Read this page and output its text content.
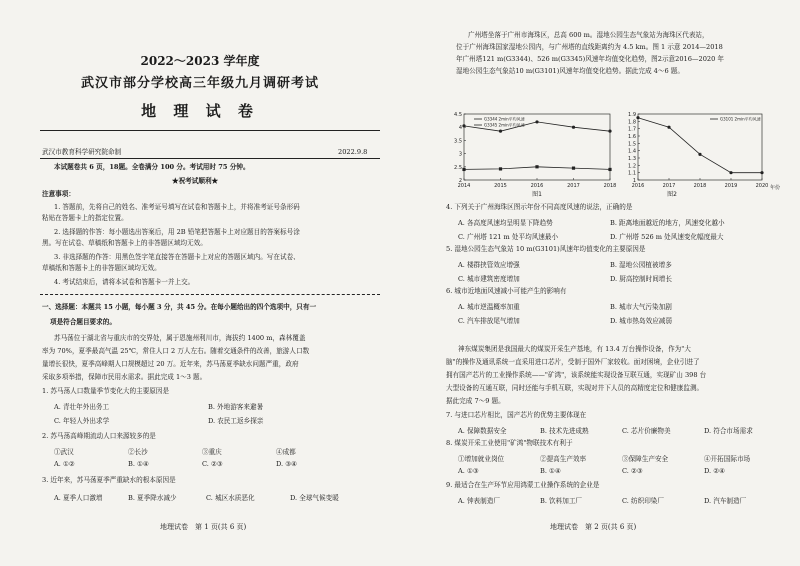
2022～2023 学年度

武汉市部分学校高三年级九月调研考试

地 理 试 卷

武汉市教育科学研究院命制	2022.9.8

本试题卷共 6 页，18题。全卷满分 100 分。考试用时 75 分钟。

★祝考试顺利★

注意事项：

1. 答题前，先将自己的姓名、准考证号填写在试卷和答题卡上，并将准考证号条形码

粘贴在答题卡上的指定位置。

2. 选择题的作答：每小题选出答案后，用 2B 铅笔把答题卡上对应题目的答案标号涂

黑。写在试卷、草稿纸和答题卡上的非答题区域均无效。

3. 非选择题的作答：用黑色签字笔直接答在答题卡上对应的答题区域内。写在试卷、

草稿纸和答题卡上的非答题区域均无效。

4. 考试结束后，请将本试卷和答题卡一并上交。

一、选择题：本题共 15 小题，每小题 3 分，共 45 分。在每小题给出的四个选项中，只有一

项是符合题目要求的。

苏马荡位于湖北省与重庆市的交界处，属于恩施州利川市，海拔约 1400 m，森林覆盖

率为 70%，夏季最高气温 25℃，常住人口 2 万人左右。随着交通条件的改善，旅游人口数

量增长很快，夏季高峰期人口规模超过 20 万。近年来，苏马荡夏季缺水问题严重，政府

采取多项举措，保障市民用水需求。据此完成 1～3 题。

1. 苏马荡人口数量季节变化大的主要原因是

A. 青壮年外出务工	B. 外地游客来避暑

C. 年轻人外出求学	D. 农民工返乡探亲

2. 苏马荡高峰期流动人口来源较多的是

①武汉	②长沙	③重庆	④成都

A. ①②	B. ①④	C. ②③	D. ③④

3. 近年来，苏马荡夏季严重缺水的根本原因是

A. 夏季人口激增	B. 夏季降水减少	C. 城区水质恶化	D. 全球气候变暖

地理试卷　第 1 页(共 6 页)

广州塔坐落于广州市海珠区，总高 600 m。湿地公园生态气象站为海珠区代表站，

位于广州海珠国家湿地公园内，与广州塔的直线距离约为 4.5 km。图 1 示意 2014—2018

年广州塔121 m(G3344)、526 m(G3345)风速年均值变化趋势，图2示意2016—2020 年

湿地公园生态气象站10 m(G3101)风速年均值变化趋势。据此完成 4～6 题。

2
2.5
3
3.5
4
4.5
2014	2015	2016	2017	2018
G3344 2min平均风速
G3345 2min平均风速
图1
1
1.1
1.2
1.3
1.4
1.5
1.6
1.7
1.8
1.9
2016	2017	2018	2019	2020
G3101 2min平均风速
年份
图2

4. 下列关于广州海珠区图示年份不同高度风速的说法，正确的是

A. 各高度风速均呈明显下降趋势	B. 距离地面越近的地方，风速变化越小

C. 广州塔 121 m 处平均风速最小	D. 广州塔 526 m 处风速变化幅度最大

5. 湿地公园生态气象站 10 m(G3101)风速年均值变化的主要原因是

A. 楼群挟管效应增强	B. 湿地公园植被增多

C. 城市建筑密度增加	D. 厨高控制时间增长

6. 城市近地面风速减小可能产生的影响有

A. 城市逆温概率加重	B. 城市大气污染加剧

C. 汽车排放尾气增加	D. 城市热岛效应减弱

神东煤炭集团是我国最大的煤炭开采生产基地，有 13.4 万台操作设备，作为"大

脑"的操作及通讯系统一直采用进口芯片，受制于国外厂家较收。面对困境，企业引进了

拥有国产芯片的工业操作系统——"矿鸿"，该系统能实现设备互联互通，实现矿山 398 台

大型设备的互通互联，同时还能与手机互联，实现对井下人员的高精度定位和健康监测。

据此完成 7～9 题。

7. 与进口芯片相比，国产芯片的优势主要体现在

A. 保障数据安全	B. 技术先进成熟	C. 芯片价廉物美	D. 符合市场需求

8. 煤炭开采工业使用"矿鸿"物联技术有利于

①增加就业岗位	②提高生产效率	③保障生产安全	④开拓国际市场

A. ①③	B. ①④	C. ②③	D. ②④

9. 最适合在生产环节应用鸿蒙工业操作系统的企业是

A. 钟表制造厂	B. 饮料加工厂	C. 纺织印染厂	D. 汽车制造厂

地理试卷　第 2 页(共 6 页)
